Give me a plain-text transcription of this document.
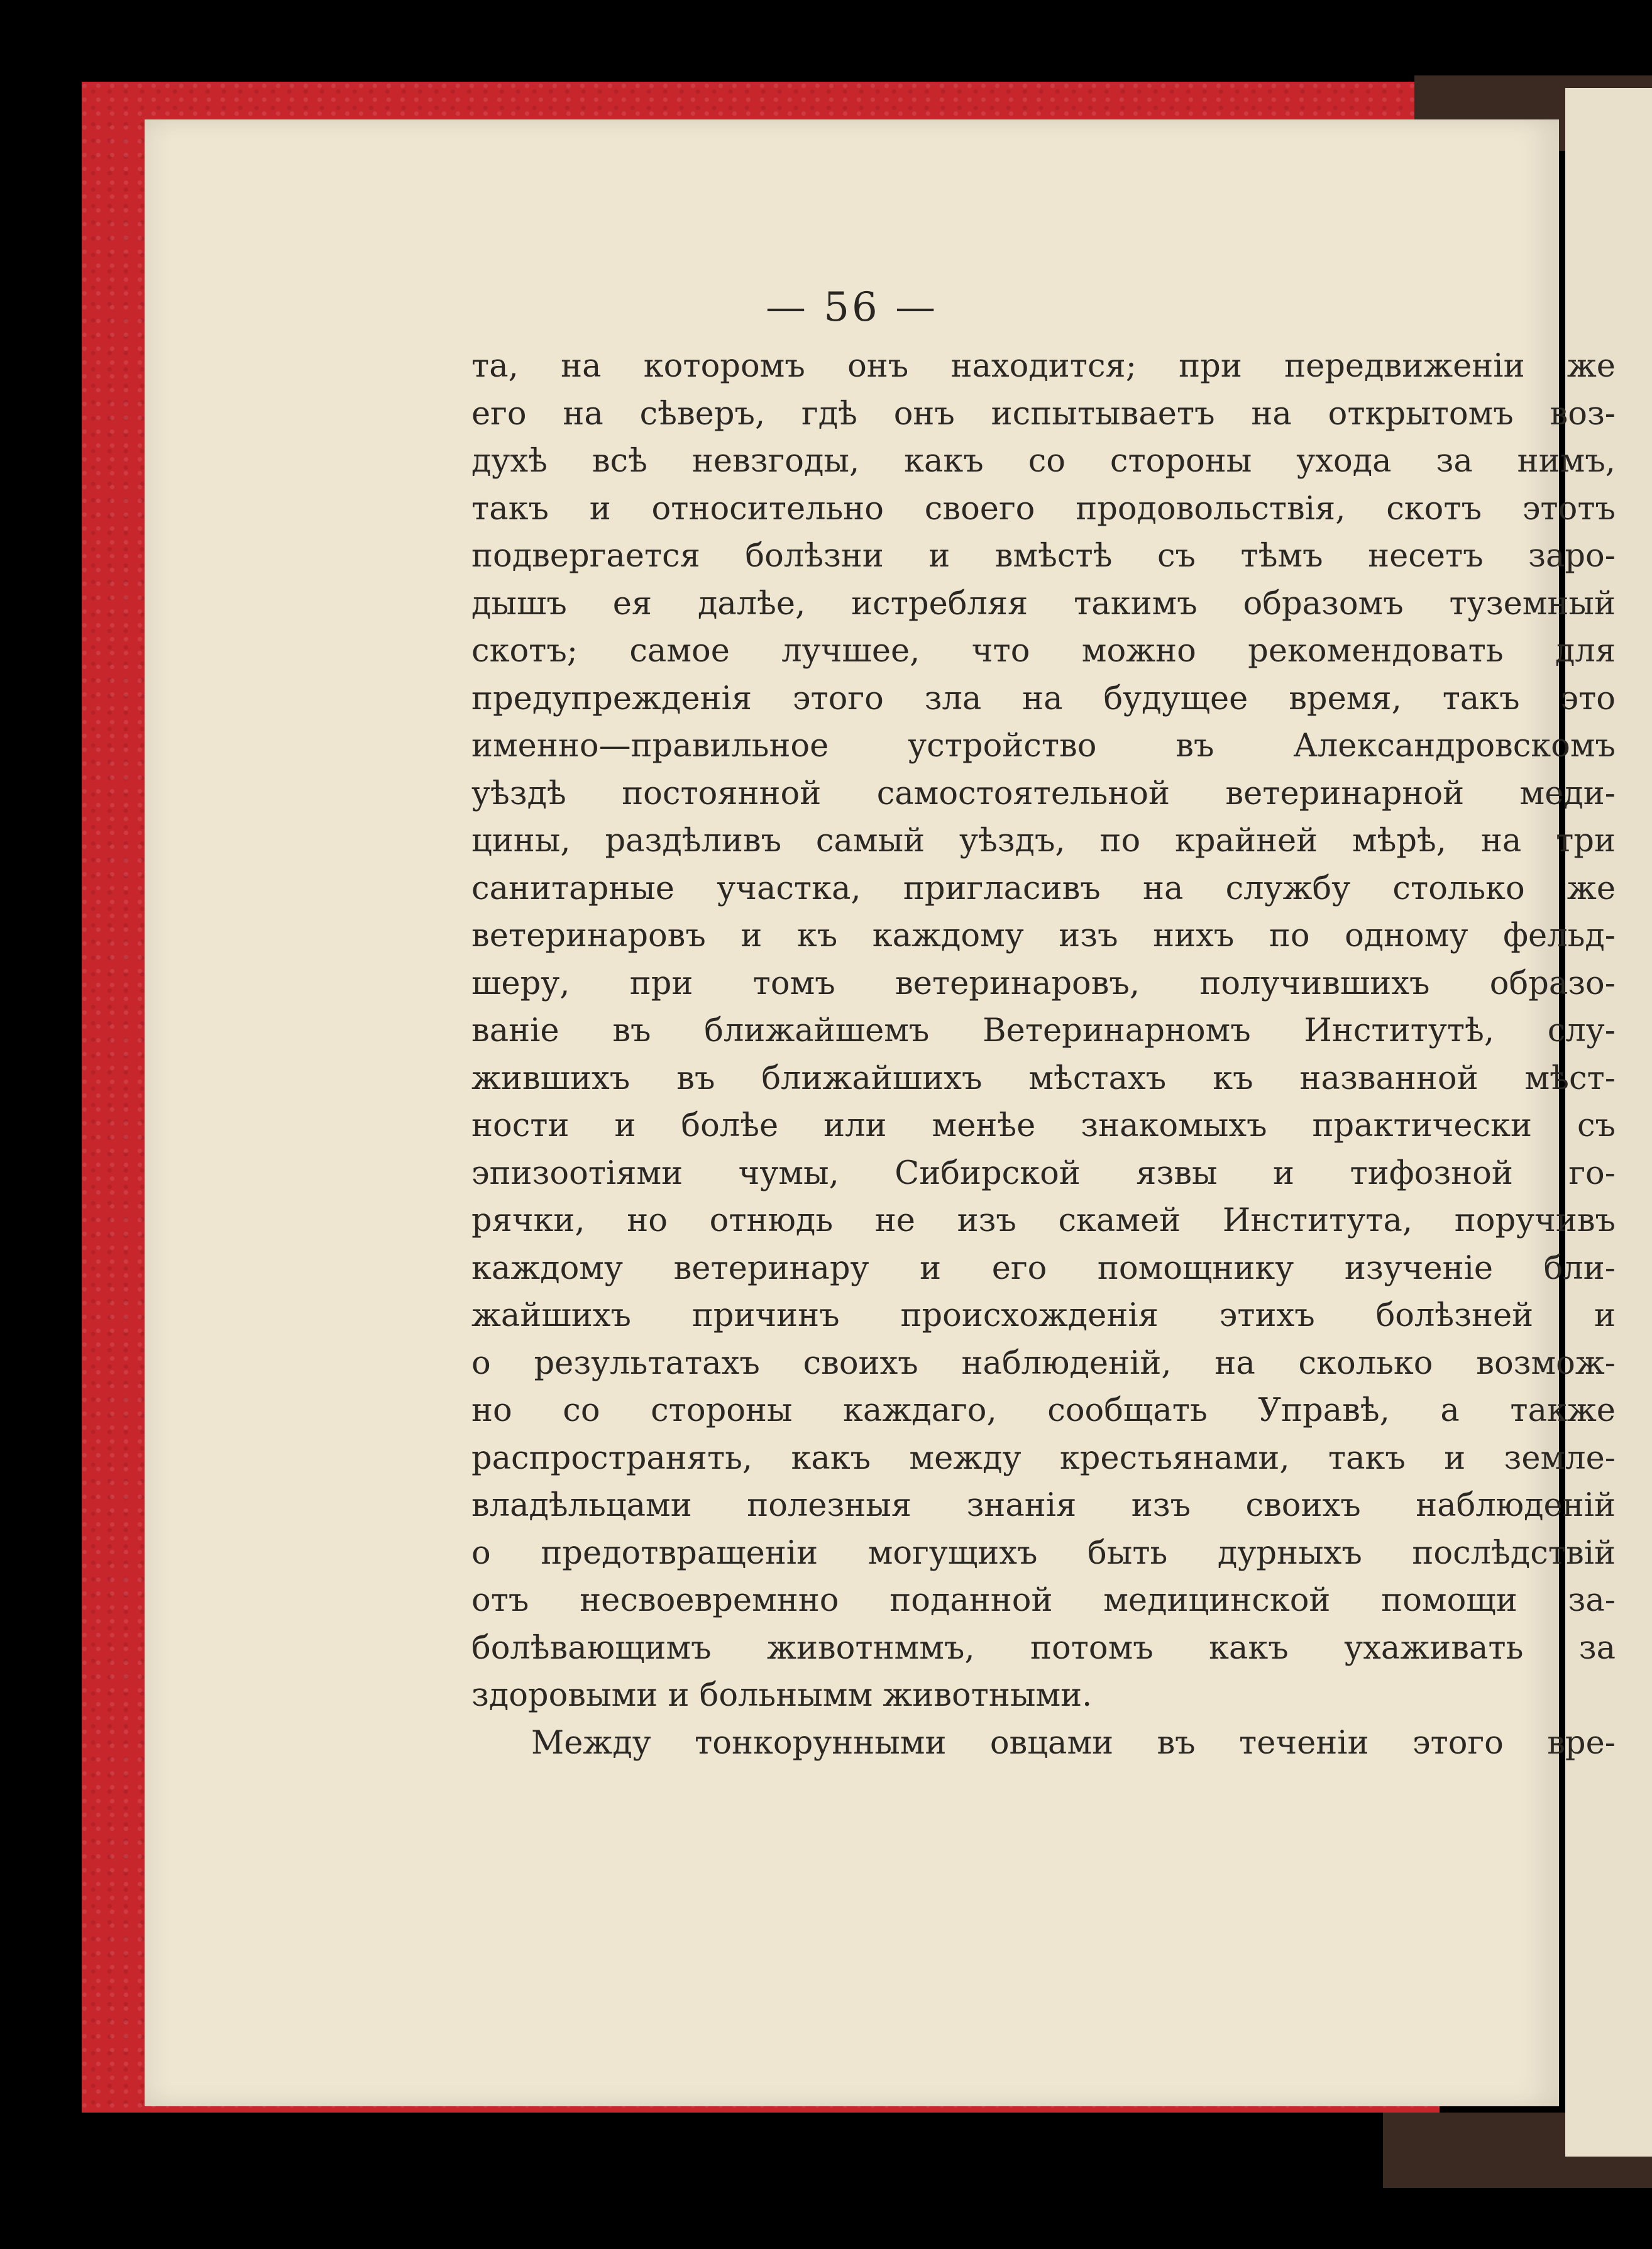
— 56 —
та, на которомъ онъ находится; при передвиженіи же
его на сѣверъ, гдѣ онъ испытываетъ на открытомъ воз-
духѣ всѣ невзгоды, какъ со стороны ухода за нимъ,
такъ и относительно своего продовольствія, скотъ этотъ
подвергается болѣзни и вмѣстѣ съ тѣмъ несетъ заро-
дышъ ея далѣе, истребляя такимъ образомъ туземный
скотъ; самое лучшее, что можно рекомендовать для
предупрежденія этого зла на будущее время, такъ это
именно—правильное устройство въ Александровскомъ
уѣздѣ постоянной самостоятельной ветеринарной меди-
цины, раздѣливъ самый уѣздъ, по крайней мѣрѣ, на три
санитарные участка, пригласивъ на службу столько же
ветеринаровъ и къ каждому изъ нихъ по одному фельд-
шеру, при томъ ветеринаровъ, получившихъ образо-
ваніе въ ближайшемъ Ветеринарномъ Институтѣ, слу-
жившихъ въ ближайшихъ мѣстахъ къ названной мѣст-
ности и болѣе или менѣе знакомыхъ практически съ
эпизоотіями чумы, Сибирской язвы и тифозной го-
рячки, но отнюдь не изъ скамей Института, поручивъ
каждому ветеринару и его помощнику изученіе бли-
жайшихъ причинъ происхожденія этихъ болѣзней и
о результатахъ своихъ наблюденій, на сколько возмож-
но со стороны каждаго, сообщать Управѣ, а также
распространять, какъ между крестьянами, такъ и земле-
владѣльцами полезныя знанія изъ своихъ наблюденій
о предотвращеніи могущихъ быть дурныхъ послѣдствій
отъ несвоевремнно поданной медицинской помощи за-
болѣвающимъ животнммъ, потомъ какъ ухаживать за
здоровыми и больнымм животными.
Между тонкорунными овцами въ теченіи этого вре-
